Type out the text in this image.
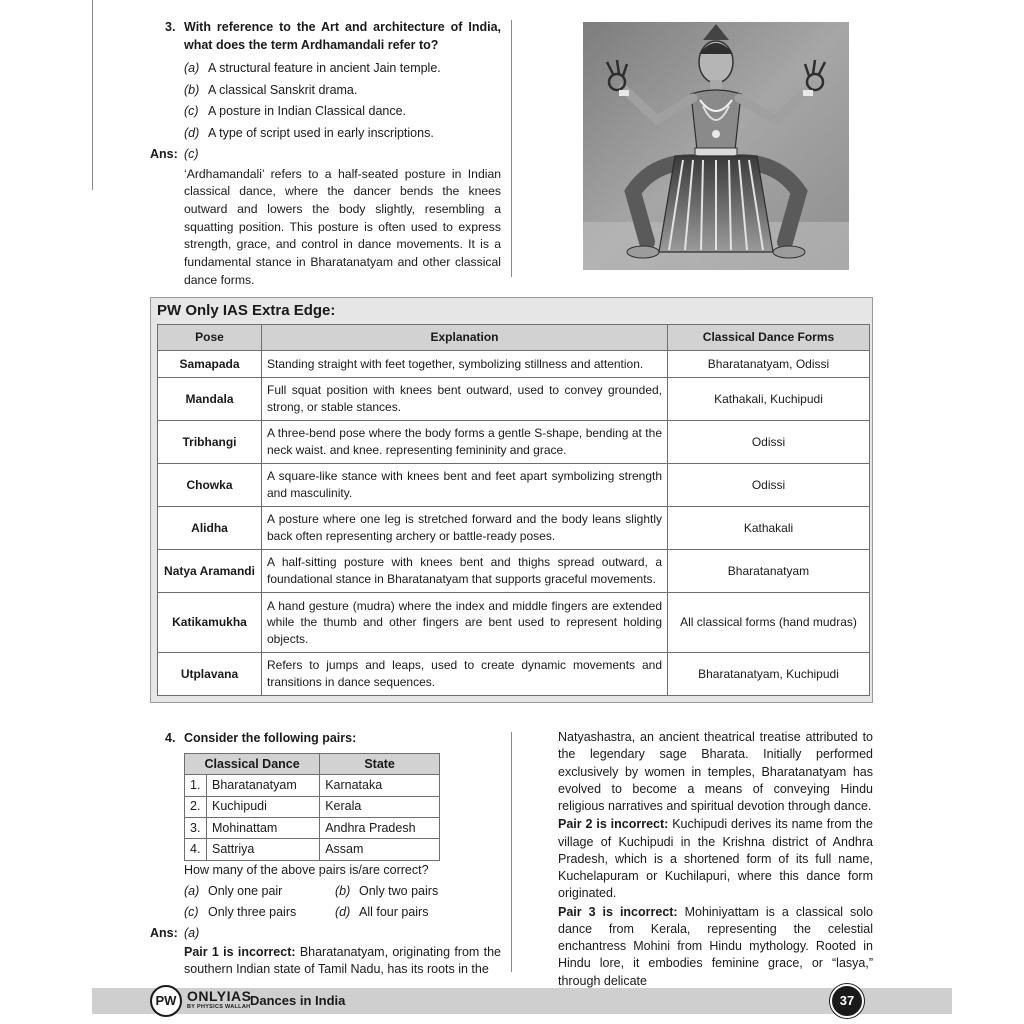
3. With reference to the Art and architecture of India, what does the term Ardhamandali refer to?
(a) A structural feature in ancient Jain temple.
(b) A classical Sanskrit drama.
(c) A posture in Indian Classical dance.
(d) A type of script used in early inscriptions.
Ans: (c)

‘Ardhamandali’ refers to a half-seated posture in Indian classical dance, where the dancer bends the knees outward and lowers the body slightly, resembling a squatting position. This posture is often used to express strength, grace, and control in dance movements. It is a fundamental stance in Bharatanatyam and other classical dance forms.

PW Only IAS Extra Edge:
Pose	Explanation	Classical Dance Forms
Samapada	Standing straight with feet together, symbolizing stillness and attention.	Bharatanatyam, Odissi
Mandala	Full squat position with knees bent outward, used to convey grounded, strong, or stable stances.	Kathakali, Kuchipudi
Tribhangi	A three-bend pose where the body forms a gentle S-shape, bending at the neck waist. and knee. representing femininity and grace.	Odissi
Chowka	A square-like stance with knees bent and feet apart symbolizing strength and masculinity.	Odissi
Alidha	A posture where one leg is stretched forward and the body leans slightly back often representing archery or battle-ready poses.	Kathakali
Natya Aramandi	A half-sitting posture with knees bent and thighs spread outward, a foundational stance in Bharatanatyam that supports graceful movements.	Bharatanatyam
Katikamukha	A hand gesture (mudra) where the index and middle fingers are extended while the thumb and other fingers are bent used to represent holding objects.	All classical forms (hand mudras)
Utplavana	Refers to jumps and leaps, used to create dynamic movements and transitions in dance sequences.	Bharatanatyam, Kuchipudi
4. Consider the following pairs:
Classical Dance		State
1.	Bharatanatyam	Karnataka
2.	Kuchipudi	Kerala
3.	Mohinattam	Andhra Pradesh
4.	Sattriya	Assam

How many of the above pairs is/are correct?

(a) Only one pair	(b) Only two pairs
(c) Only three pairs	(d) All four pairs
Ans: (a)

Pair 1 is incorrect: Bharatanatyam, originating from the southern Indian state of Tamil Nadu, has its roots in the

Natyashastra, an ancient theatrical treatise attributed to the legendary sage Bharata. Initially performed exclusively by women in temples, Bharatanatyam has evolved to become a means of conveying Hindu religious narratives and spiritual devotion through dance.

Pair 2 is incorrect: Kuchipudi derives its name from the village of Kuchipudi in the Krishna district of Andhra Pradesh, which is a shortened form of its full name, Kuchelapuram or Kuchilapuri, where this dance form originated.

Pair 3 is incorrect: Mohiniyattam is a classical solo dance from Kerala, representing the celestial enchantress Mohini from Hindu mythology. Rooted in Hindu lore, it embodies feminine grace, or “lasya,” through delicate

PW ONLYIAS
BY PHYSICS WALLAH Dances in India	37
